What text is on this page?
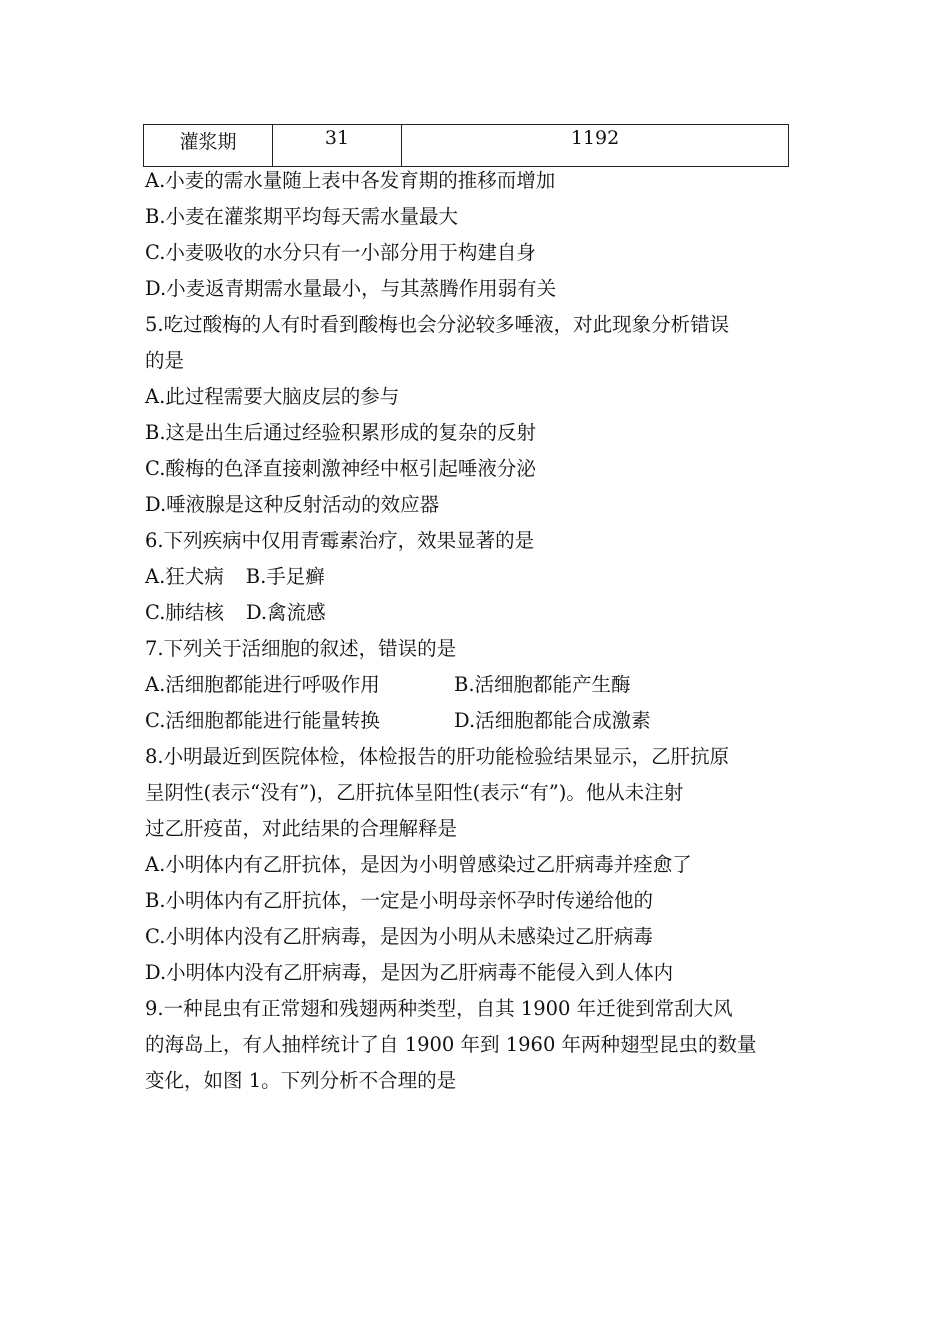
灌浆期	31	1192
A.小麦的需水量随上表中各发育期的推移而增加
B.小麦在灌浆期平均每天需水量最大
C.小麦吸收的水分只有一小部分用于构建自身
D.小麦返青期需水量最小，与其蒸腾作用弱有关
5.吃过酸梅的人有时看到酸梅也会分泌较多唾液，对此现象分析错误
的是
A.此过程需要大脑皮层的参与
B.这是出生后通过经验积累形成的复杂的反射
C.酸梅的色泽直接刺激神经中枢引起唾液分泌
D.唾液腺是这种反射活动的效应器
6.下列疾病中仅用青霉素治疗，效果显著的是
A.狂犬病 B.手足癣
C.肺结核 D.禽流感
7.下列关于活细胞的叙述，错误的是
A.活细胞都能进行呼吸作用	B.活细胞都能产生酶
C.活细胞都能进行能量转换	D.活细胞都能合成激素
8.小明最近到医院体检，体检报告的肝功能检验结果显示，乙肝抗原
呈阴性(表示“没有”)，乙肝抗体呈阳性(表示“有”)。他从未注射
过乙肝疫苗，对此结果的合理解释是
A.小明体内有乙肝抗体，是因为小明曾感染过乙肝病毒并痊愈了
B.小明体内有乙肝抗体，一定是小明母亲怀孕时传递给他的
C.小明体内没有乙肝病毒，是因为小明从未感染过乙肝病毒
D.小明体内没有乙肝病毒，是因为乙肝病毒不能侵入到人体内
9.一种昆虫有正常翅和残翅两种类型，自其 1900 年迁徙到常刮大风
的海岛上，有人抽样统计了自 1900 年到 1960 年两种翅型昆虫的数量
变化，如图 1。下列分析不合理的是
